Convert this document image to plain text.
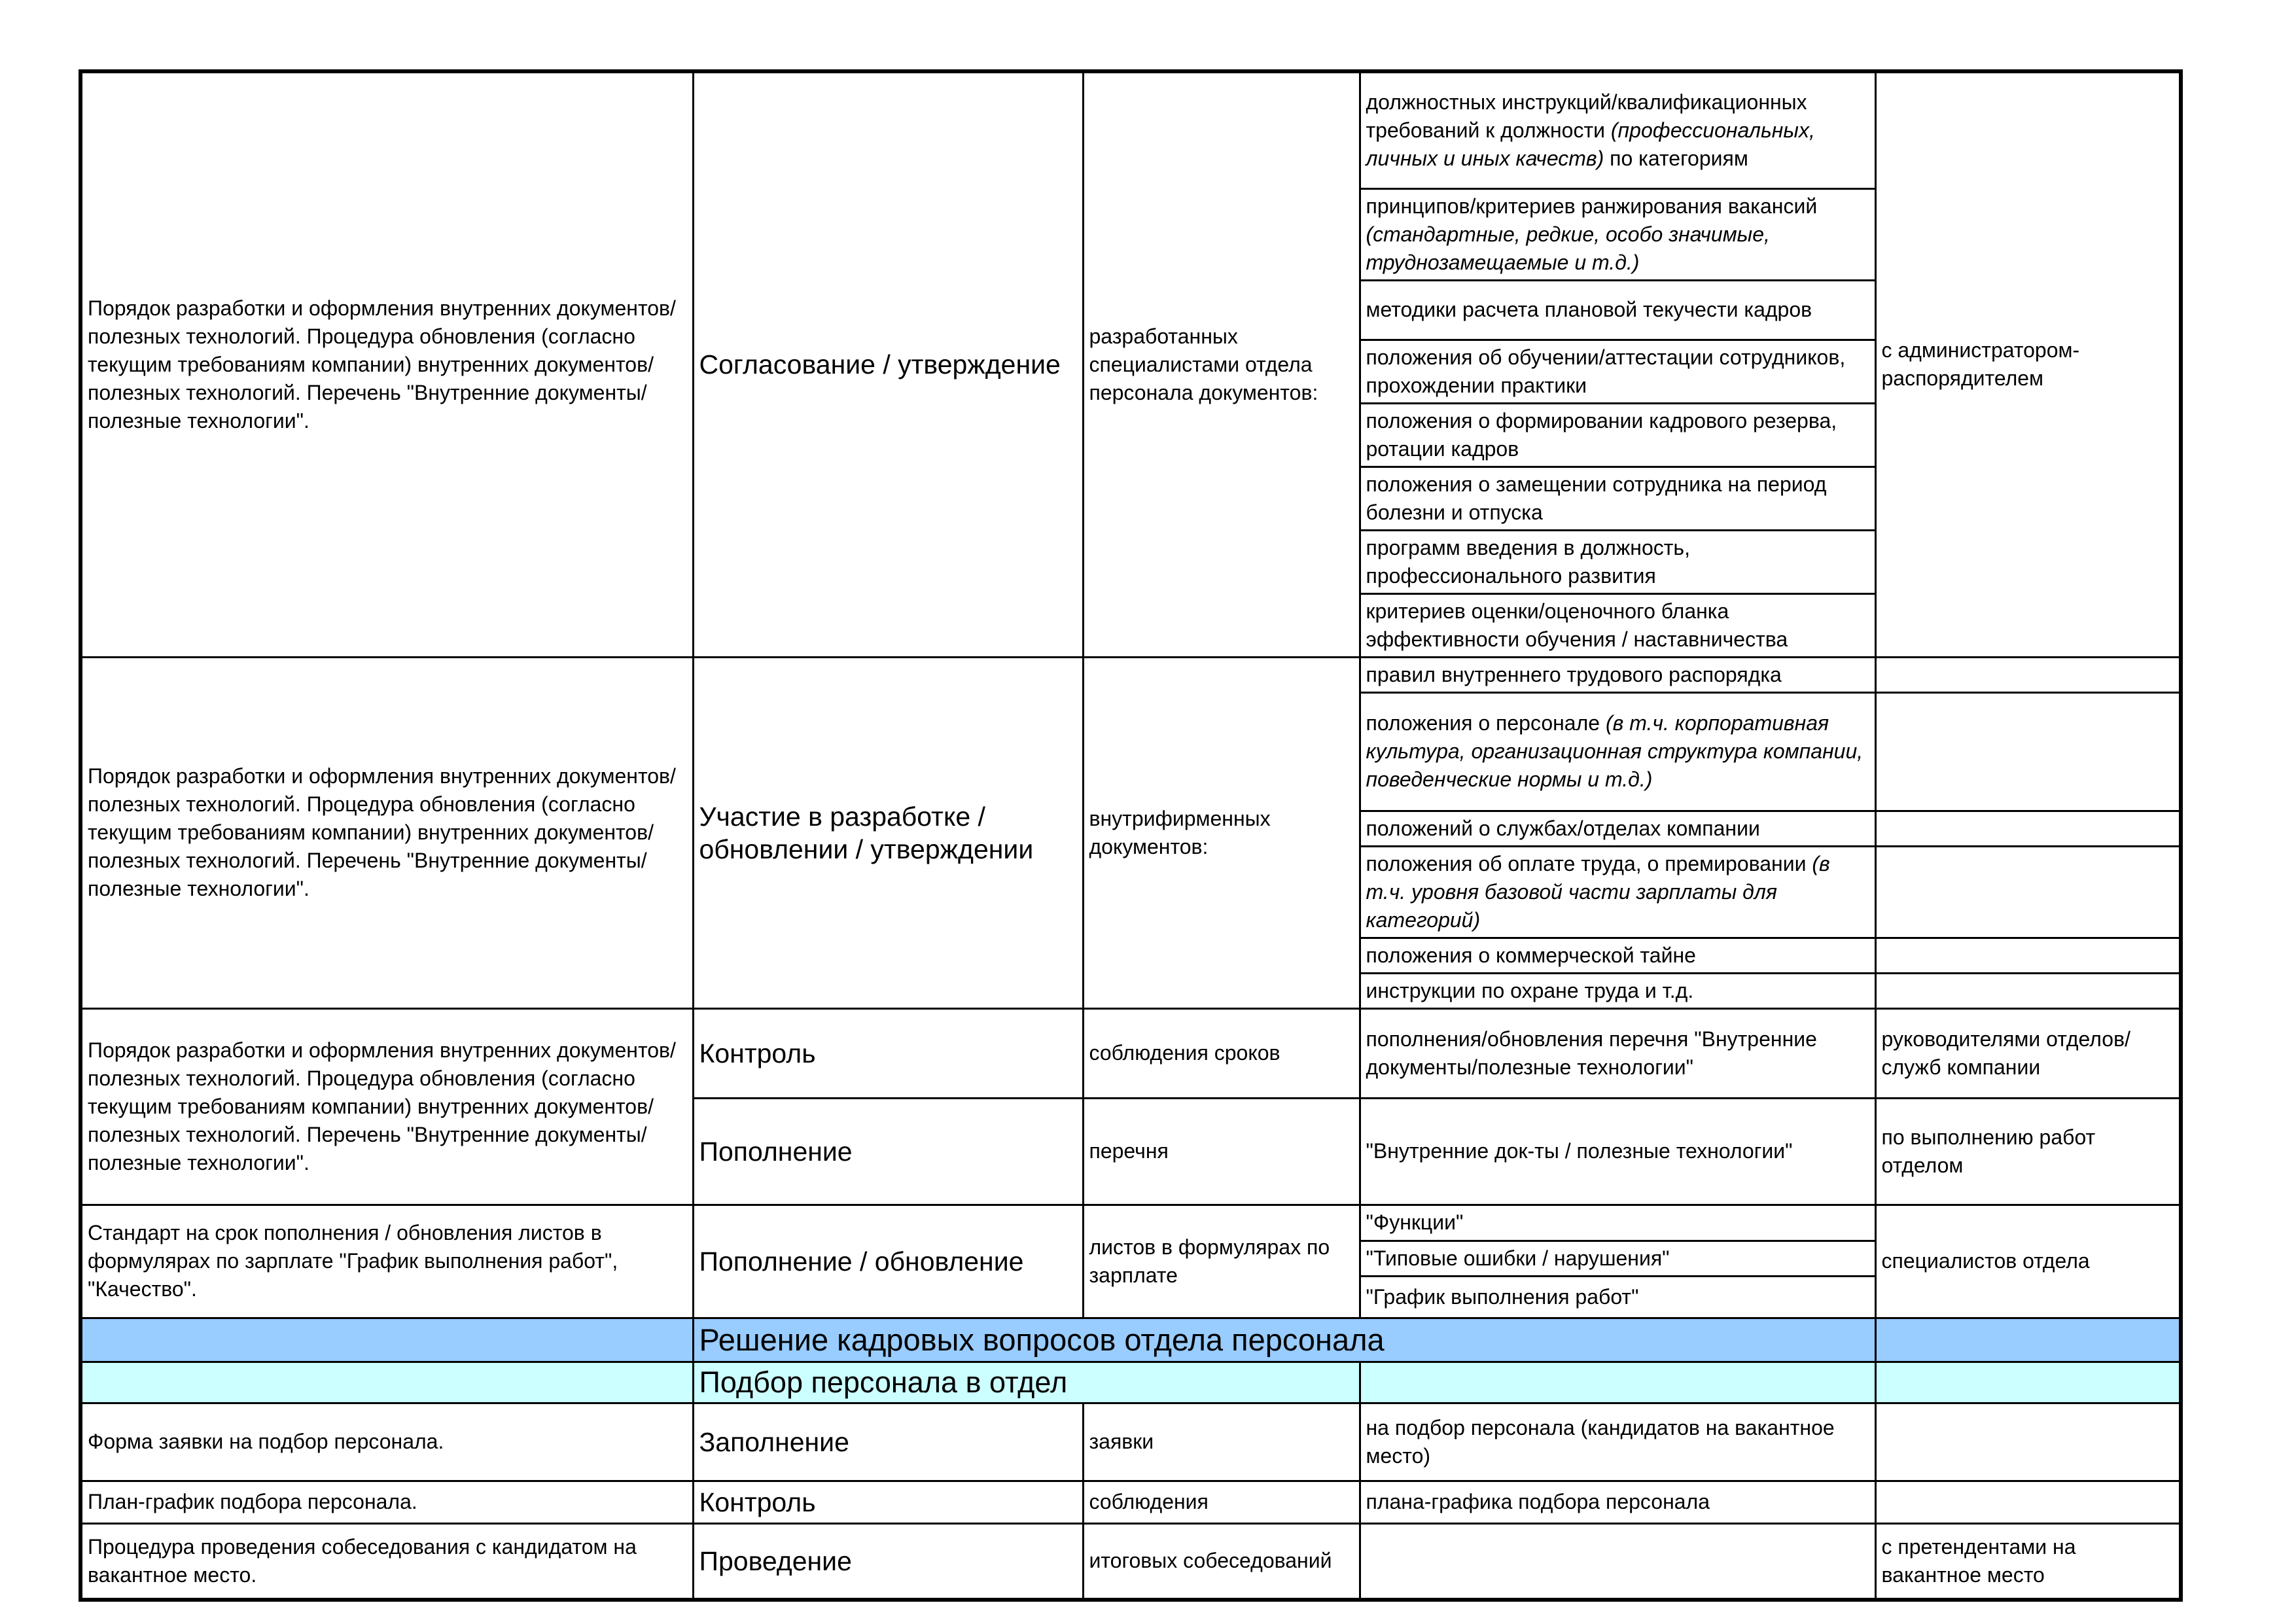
Порядок разработки и оформления внутренних документов/полезных технологий. Процедура обновления (согласно текущим требованиям компании) внутренних документов/полезных технологий. Перечень "Внутренние документы/полезные технологии".	Согласование / утверждение	разработанных специалистами отдела персонала документов:	должностных инструкций/квалификационных требований к должности (профессиональных, личных и иных качеств) по категориям	с администратором-распорядителем
			принципов/критериев ранжирования вакансий (стандартные, редкие, особо значимые, труднозамещаемые и т.д.)	
			методики расчета плановой текучести кадров	
			положения об обучении/аттестации сотрудников, прохождении практики	
			положения о формировании кадрового резерва, ротации кадров	
			положения о замещении сотрудника на период болезни и отпуска	
			программ введения в должность, профессионального развития	
			критериев оценки/оценочного бланка эффективности обучения / наставничества	
Порядок разработки и оформления внутренних документов/полезных технологий. Процедура обновления (согласно текущим требованиям компании) внутренних документов/полезных технологий. Перечень "Внутренние документы/полезные технологии".	Участие в разработке / обновлении / утверждении	внутрифирменных документов:	правил внутреннего трудового распорядка	
			положения о персонале (в т.ч. корпоративная культура, организационная структура компании, поведенческие нормы и т.д.)	
			положений о службах/отделах компании	
			положения об оплате труда, о премировании (в т.ч. уровня базовой части зарплаты для категорий)	
			положения о коммерческой тайне	
			инструкции по охране труда и т.д.	
Порядок разработки и оформления внутренних документов/полезных технологий. Процедура обновления (согласно текущим требованиям компании) внутренних документов/полезных технологий. Перечень "Внутренние документы/полезные технологии".	Контроль	соблюдения сроков	пополнения/обновления перечня "Внутренние документы/полезные технологии"	руководителями отделов/служб компании
	Пополнение	перечня	"Внутренние док-ты / полезные технологии"	по выполнению работ отделом
Стандарт на срок пополнения / обновления листов в формулярах по зарплате "График выполнения работ", "Качество".	Пополнение / обновление	листов в формулярах по зарплате	"Функции"	специалистов отдела
			"Типовые ошибки / нарушения"	
			"График выполнения работ"	
	Решение кадровых вопросов отдела персонала			
	Подбор персонала в отдел			
Форма заявки на подбор персонала.	Заполнение	заявки	на подбор персонала (кандидатов на вакантное место)	
План-график подбора персонала.	Контроль	соблюдения	плана-графика подбора персонала	
Процедура проведения собеседования с кандидатом на вакантное место.	Проведение	итоговых собеседований		с претендентами на вакантное место
